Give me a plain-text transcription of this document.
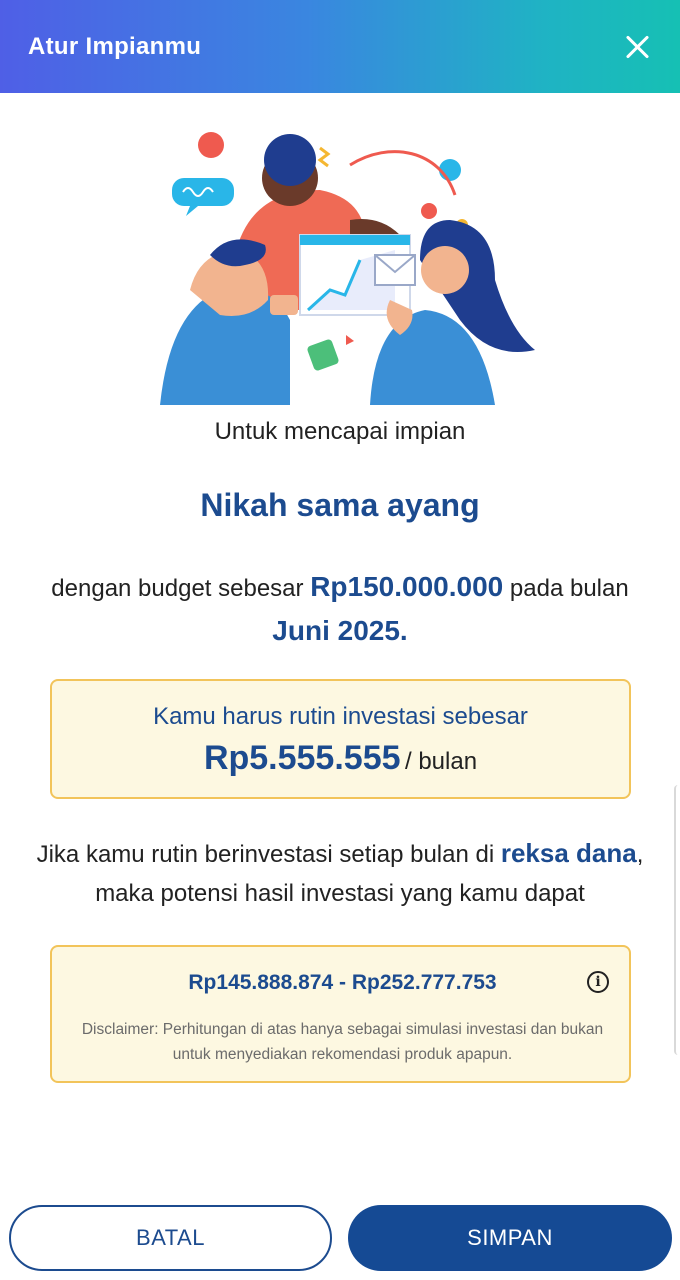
Atur Impianmu
Untuk mencapai impian
Nikah sama ayang
dengan budget sebesar Rp150.000.000 pada bulan Juni 2025.
Kamu harus rutin investasi sebesar
Rp5.555.555 / bulan
Jika kamu rutin berinvestasi setiap bulan di reksa dana, maka potensi hasil investasi yang kamu dapat
Rp145.888.874 - Rp252.777.753	i
Disclaimer: Perhitungan di atas hanya sebagai simulasi investasi dan bukan untuk menyediakan rekomendasi produk apapun.
BATAL	SIMPAN
